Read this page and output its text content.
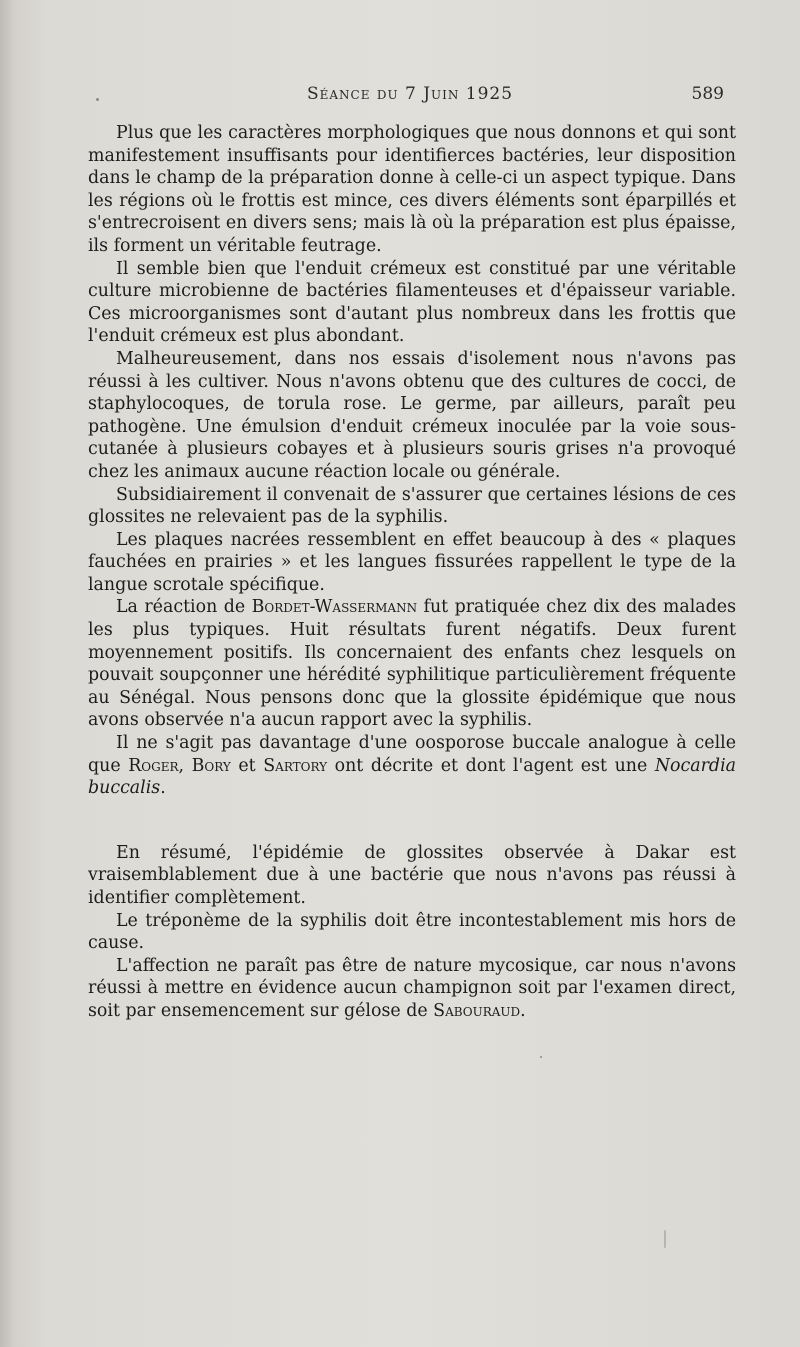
Séance du 7 Juin 1925	589

Plus que les caractères morphologiques que nous donnons et qui sont manifestement insuffisants pour identifierces bactéries, leur disposition dans le champ de la préparation donne à celle-ci un aspect typique. Dans les régions où le frottis est mince, ces divers éléments sont éparpillés et s'entrecroisent en divers sens; mais là où la préparation est plus épaisse, ils forment un véritable feutrage.

Il semble bien que l'enduit crémeux est constitué par une véritable culture microbienne de bactéries filamenteuses et d'épaisseur variable. Ces microorganismes sont d'autant plus nombreux dans les frottis que l'enduit crémeux est plus abondant.

Malheureusement, dans nos essais d'isolement nous n'avons pas réussi à les cultiver. Nous n'avons obtenu que des cultures de cocci, de staphylocoques, de torula rose. Le germe, par ailleurs, paraît peu pathogène. Une émulsion d'enduit crémeux inoculée par la voie sous-cutanée à plusieurs cobayes et à plusieurs souris grises n'a provoqué chez les animaux aucune réaction locale ou générale.

Subsidiairement il convenait de s'assurer que certaines lésions de ces glossites ne relevaient pas de la syphilis.

Les plaques nacrées ressemblent en effet beaucoup à des « plaques fauchées en prairies » et les langues fissurées rappellent le type de la langue scrotale spécifique.

La réaction de Bordet-Wassermann fut pratiquée chez dix des malades les plus typiques. Huit résultats furent négatifs. Deux furent moyennement positifs. Ils concernaient des enfants chez lesquels on pouvait soupçonner une hérédité syphilitique particulièrement fréquente au Sénégal. Nous pensons donc que la glossite épidémique que nous avons observée n'a aucun rapport avec la syphilis.

Il ne s'agit pas davantage d'une oosporose buccale analogue à celle que Roger, Bory et Sartory ont décrite et dont l'agent est une Nocardia buccalis.

En résumé, l'épidémie de glossites observée à Dakar est vraisemblablement due à une bactérie que nous n'avons pas réussi à identifier complètement.

Le tréponème de la syphilis doit être incontestablement mis hors de cause.

L'affection ne paraît pas être de nature mycosique, car nous n'avons réussi à mettre en évidence aucun champignon soit par l'examen direct, soit par ensemencement sur gélose de Sabouraud.
